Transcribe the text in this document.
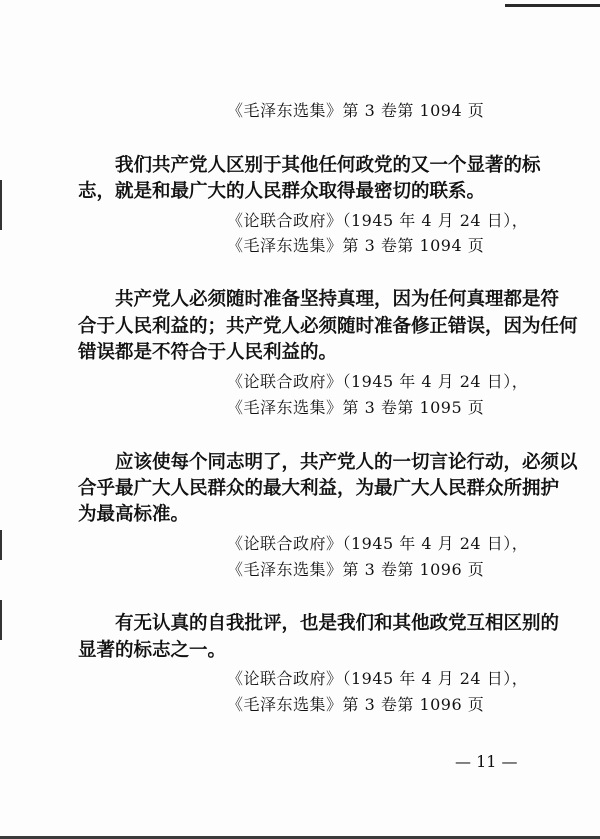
《毛泽东选集》第 3 卷第 1094 页
我们共产党人区别于其他任何政党的又一个显著的标
志，就是和最广大的人民群众取得最密切的联系。
《论联合政府》（1945 年 4 月 24 日），
《毛泽东选集》第 3 卷第 1094 页
共产党人必须随时准备坚持真理，因为任何真理都是符
合于人民利益的；共产党人必须随时准备修正错误，因为任何
错误都是不符合于人民利益的。
《论联合政府》（1945 年 4 月 24 日），
《毛泽东选集》第 3 卷第 1095 页
应该使每个同志明了，共产党人的一切言论行动，必须以
合乎最广大人民群众的最大利益，为最广大人民群众所拥护
为最高标准。
《论联合政府》（1945 年 4 月 24 日），
《毛泽东选集》第 3 卷第 1096 页
有无认真的自我批评，也是我们和其他政党互相区别的
显著的标志之一。
《论联合政府》（1945 年 4 月 24 日），
《毛泽东选集》第 3 卷第 1096 页
— 11 —
